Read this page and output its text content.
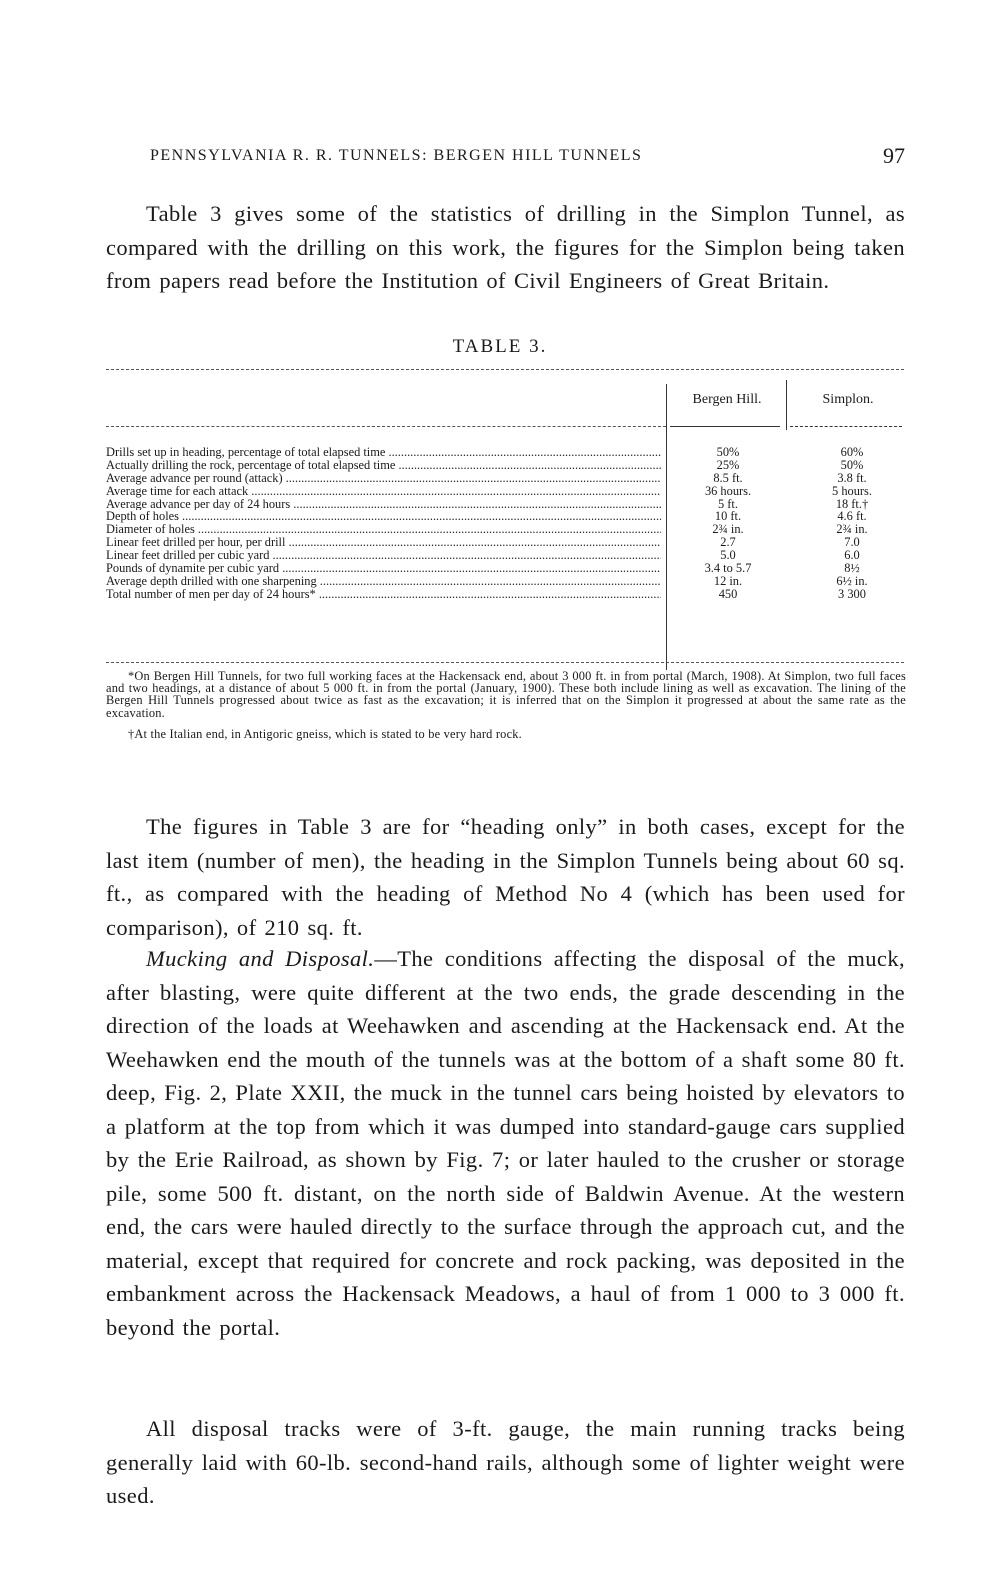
PENNSYLVANIA R. R. TUNNELS: BERGEN HILL TUNNELS	97

Table 3 gives some of the statistics of drilling in the Simplon Tunnel, as compared with the drilling on this work, the figures for the Simplon being taken from papers read before the Institution of Civil Engineers of Great Britain.

TABLE 3.
Bergen Hill.	Simplon.
Drills set up in heading, percentage of total elapsed time .....	50%	60%
Actually drilling the rock, percentage of total elapsed time .....	25%	50%
Average advance per round (attack) .....	8.5 ft.	3.8 ft.
Average time for each attack .....	36 hours.	5 hours.
Average advance per day of 24 hours .....	5 ft.	18 ft.†
Depth of holes .....	10 ft.	4.6 ft.
Diameter of holes .....	2¾ in.	2¾ in.
Linear feet drilled per hour, per drill .....	2.7	7.0
Linear feet drilled per cubic yard .....	5.0	6.0
Pounds of dynamite per cubic yard .....	3.4 to 5.7	8½
Average depth drilled with one sharpening .....	12 in.	6½ in.
Total number of men per day of 24 hours* .....	450	3 300

*On Bergen Hill Tunnels, for two full working faces at the Hackensack end, about 3 000 ft. in from portal (March, 1908). At Simplon, two full faces and two headings, at a distance of about 5 000 ft. in from the portal (January, 1900). These both include lining as well as excavation. The lining of the Bergen Hill Tunnels progressed about twice as fast as the excavation; it is inferred that on the Simplon it progressed at about the same rate as the excavation.

†At the Italian end, in Antigoric gneiss, which is stated to be very hard rock.

The figures in Table 3 are for “heading only” in both cases, except for the last item (number of men), the heading in the Simplon Tunnels being about 60 sq. ft., as compared with the heading of Method No 4 (which has been used for comparison), of 210 sq. ft.

Mucking and Disposal.—The conditions affecting the disposal of the muck, after blasting, were quite different at the two ends, the grade descending in the direction of the loads at Weehawken and ascending at the Hackensack end. At the Weehawken end the mouth of the tunnels was at the bottom of a shaft some 80 ft. deep, Fig. 2, Plate XXII, the muck in the tunnel cars being hoisted by elevators to a platform at the top from which it was dumped into standard-gauge cars supplied by the Erie Railroad, as shown by Fig. 7; or later hauled to the crusher or storage pile, some 500 ft. distant, on the north side of Baldwin Avenue. At the western end, the cars were hauled directly to the surface through the approach cut, and the material, except that required for concrete and rock packing, was deposited in the embankment across the Hackensack Meadows, a haul of from 1 000 to 3 000 ft. beyond the portal.

All disposal tracks were of 3-ft. gauge, the main running tracks being generally laid with 60-lb. second-hand rails, although some of lighter weight were used.
